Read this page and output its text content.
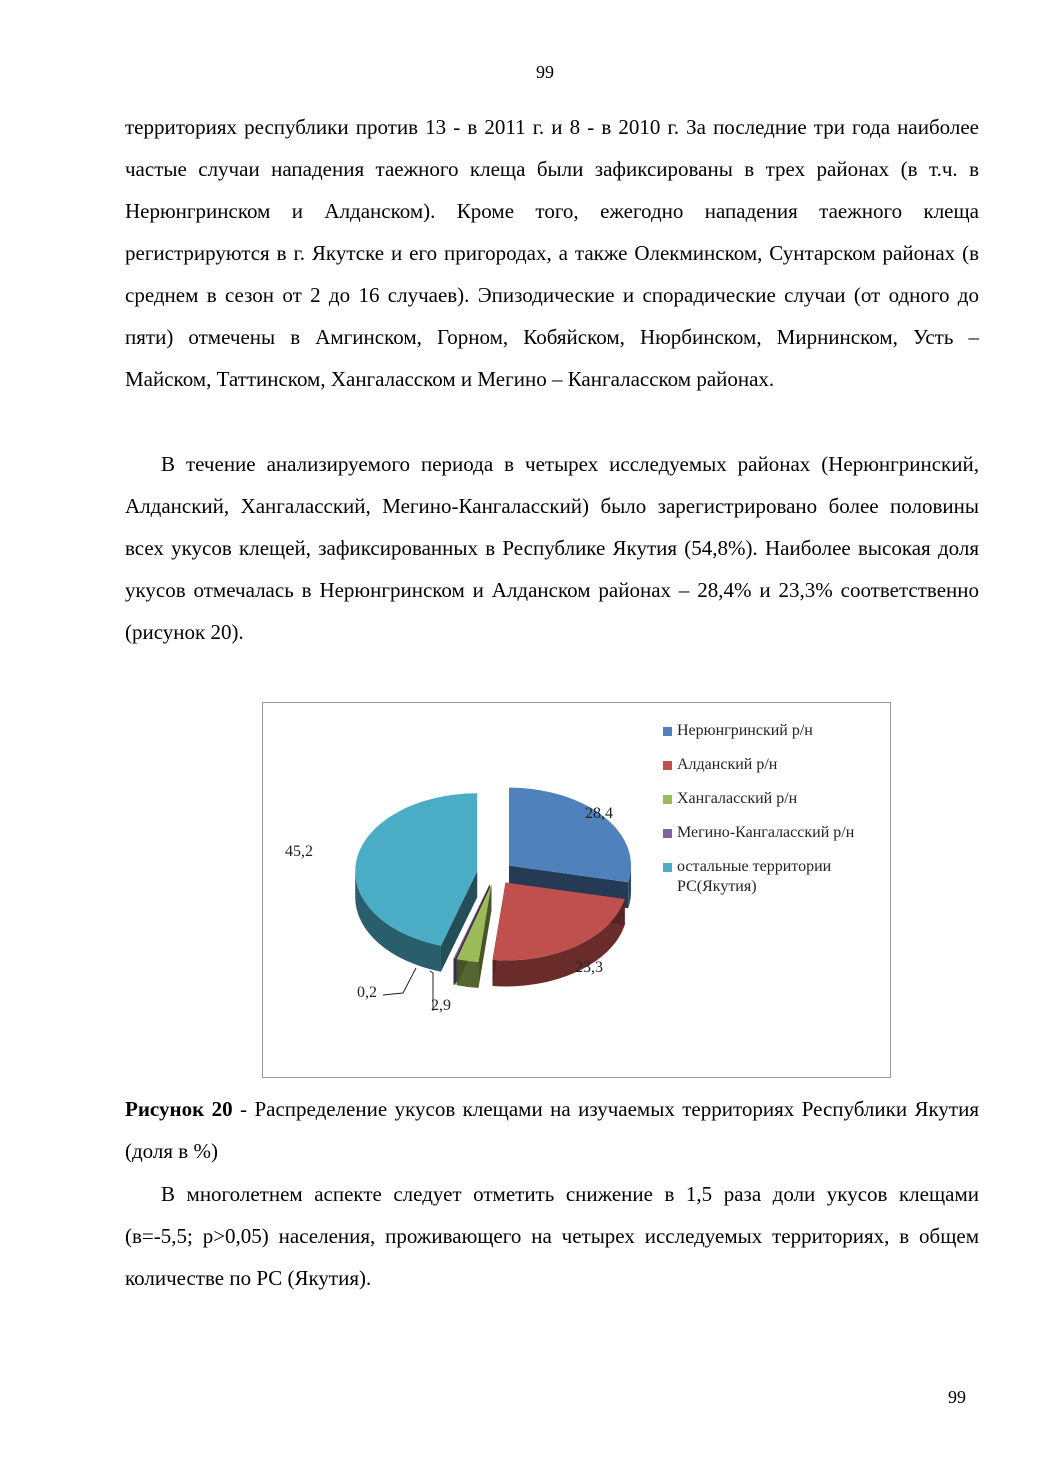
99
территориях республики против 13 - в 2011 г. и 8 - в 2010 г. За последние три года наиболее частые случаи нападения таежного клеща были зафиксированы в трех районах (в т.ч. в Нерюнгринском и Алданском). Кроме того, ежегодно нападения таежного клеща регистрируются в г. Якутске и его пригородах, а также Олекминском, Сунтарском районах (в среднем в сезон от 2 до 16 случаев). Эпизодические и спорадические случаи (от одного до пяти) отмечены в Амгинском, Горном, Кобяйском, Нюрбинском, Мирнинском, Усть – Майском, Таттинском, Хангаласском и Мегино – Кангаласском районах.
В течение анализируемого периода в четырех исследуемых районах (Нерюнгринский, Алданский, Хангаласский, Мегино-Кангаласский) было зарегистрировано более половины всех укусов клещей, зафиксированных в Республике Якутия (54,8%). Наиболее высокая доля укусов отмечалась в Нерюнгринском и Алданском районах – 28,4% и 23,3% соответственно (рисунок 20).
Нерюнгринский р/н
Алданский р/н
Хангаласский р/н
Мегино-Кангаласский р/н
остальные территории РС(Якутия)
28,4
23,3
2,9
0,2
45,2
Рисунок 20 - Распределение укусов клещами на изучаемых территориях Республики Якутия (доля в %)
В многолетнем аспекте следует отметить снижение в 1,5 раза доли укусов клещами (в=-5,5; p>0,05) населения, проживающего на четырех исследуемых территориях, в общем количестве по РС (Якутия).
99
